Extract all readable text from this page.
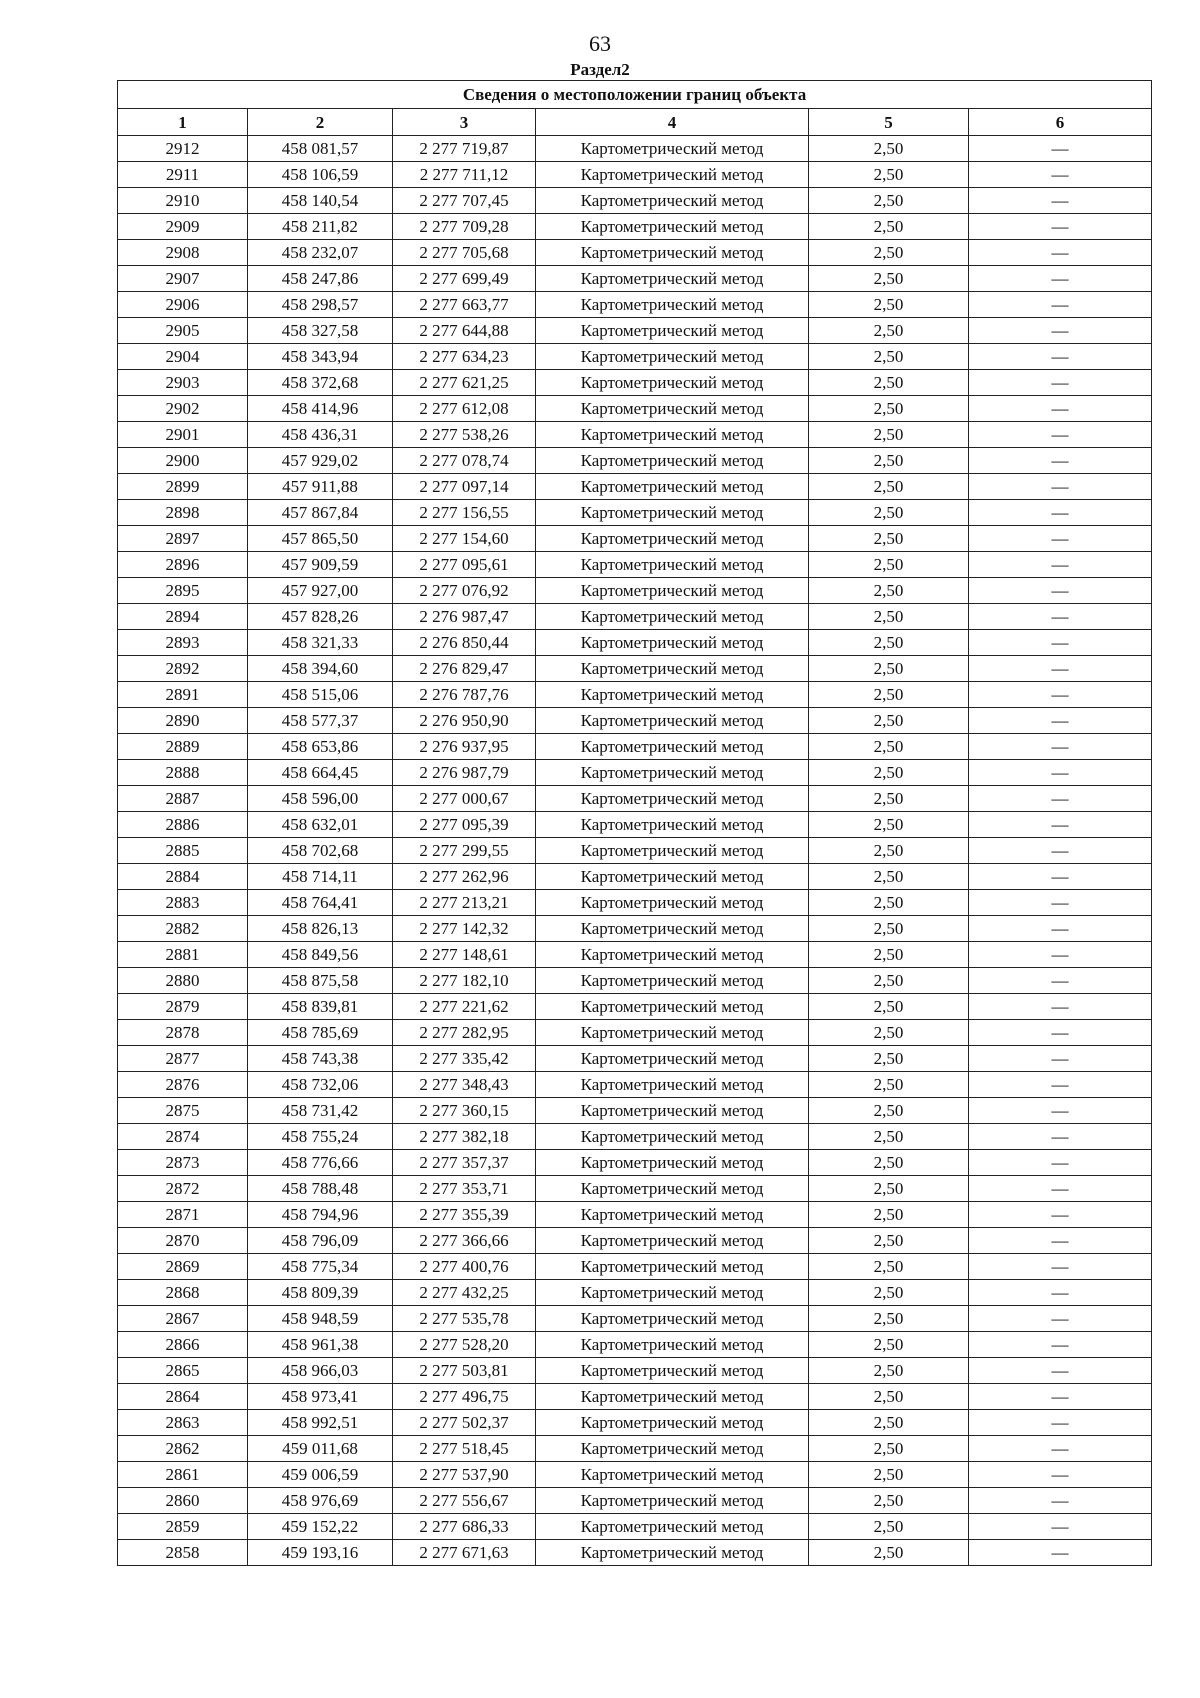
63
Раздел2
Сведения о местоположении границ объекта					
1	2	3	4	5	6
2912	458 081,57	2 277 719,87	Картометрический метод	2,50	—
2911	458 106,59	2 277 711,12	Картометрический метод	2,50	—
2910	458 140,54	2 277 707,45	Картометрический метод	2,50	—
2909	458 211,82	2 277 709,28	Картометрический метод	2,50	—
2908	458 232,07	2 277 705,68	Картометрический метод	2,50	—
2907	458 247,86	2 277 699,49	Картометрический метод	2,50	—
2906	458 298,57	2 277 663,77	Картометрический метод	2,50	—
2905	458 327,58	2 277 644,88	Картометрический метод	2,50	—
2904	458 343,94	2 277 634,23	Картометрический метод	2,50	—
2903	458 372,68	2 277 621,25	Картометрический метод	2,50	—
2902	458 414,96	2 277 612,08	Картометрический метод	2,50	—
2901	458 436,31	2 277 538,26	Картометрический метод	2,50	—
2900	457 929,02	2 277 078,74	Картометрический метод	2,50	—
2899	457 911,88	2 277 097,14	Картометрический метод	2,50	—
2898	457 867,84	2 277 156,55	Картометрический метод	2,50	—
2897	457 865,50	2 277 154,60	Картометрический метод	2,50	—
2896	457 909,59	2 277 095,61	Картометрический метод	2,50	—
2895	457 927,00	2 277 076,92	Картометрический метод	2,50	—
2894	457 828,26	2 276 987,47	Картометрический метод	2,50	—
2893	458 321,33	2 276 850,44	Картометрический метод	2,50	—
2892	458 394,60	2 276 829,47	Картометрический метод	2,50	—
2891	458 515,06	2 276 787,76	Картометрический метод	2,50	—
2890	458 577,37	2 276 950,90	Картометрический метод	2,50	—
2889	458 653,86	2 276 937,95	Картометрический метод	2,50	—
2888	458 664,45	2 276 987,79	Картометрический метод	2,50	—
2887	458 596,00	2 277 000,67	Картометрический метод	2,50	—
2886	458 632,01	2 277 095,39	Картометрический метод	2,50	—
2885	458 702,68	2 277 299,55	Картометрический метод	2,50	—
2884	458 714,11	2 277 262,96	Картометрический метод	2,50	—
2883	458 764,41	2 277 213,21	Картометрический метод	2,50	—
2882	458 826,13	2 277 142,32	Картометрический метод	2,50	—
2881	458 849,56	2 277 148,61	Картометрический метод	2,50	—
2880	458 875,58	2 277 182,10	Картометрический метод	2,50	—
2879	458 839,81	2 277 221,62	Картометрический метод	2,50	—
2878	458 785,69	2 277 282,95	Картометрический метод	2,50	—
2877	458 743,38	2 277 335,42	Картометрический метод	2,50	—
2876	458 732,06	2 277 348,43	Картометрический метод	2,50	—
2875	458 731,42	2 277 360,15	Картометрический метод	2,50	—
2874	458 755,24	2 277 382,18	Картометрический метод	2,50	—
2873	458 776,66	2 277 357,37	Картометрический метод	2,50	—
2872	458 788,48	2 277 353,71	Картометрический метод	2,50	—
2871	458 794,96	2 277 355,39	Картометрический метод	2,50	—
2870	458 796,09	2 277 366,66	Картометрический метод	2,50	—
2869	458 775,34	2 277 400,76	Картометрический метод	2,50	—
2868	458 809,39	2 277 432,25	Картометрический метод	2,50	—
2867	458 948,59	2 277 535,78	Картометрический метод	2,50	—
2866	458 961,38	2 277 528,20	Картометрический метод	2,50	—
2865	458 966,03	2 277 503,81	Картометрический метод	2,50	—
2864	458 973,41	2 277 496,75	Картометрический метод	2,50	—
2863	458 992,51	2 277 502,37	Картометрический метод	2,50	—
2862	459 011,68	2 277 518,45	Картометрический метод	2,50	—
2861	459 006,59	2 277 537,90	Картометрический метод	2,50	—
2860	458 976,69	2 277 556,67	Картометрический метод	2,50	—
2859	459 152,22	2 277 686,33	Картометрический метод	2,50	—
2858	459 193,16	2 277 671,63	Картометрический метод	2,50	—
